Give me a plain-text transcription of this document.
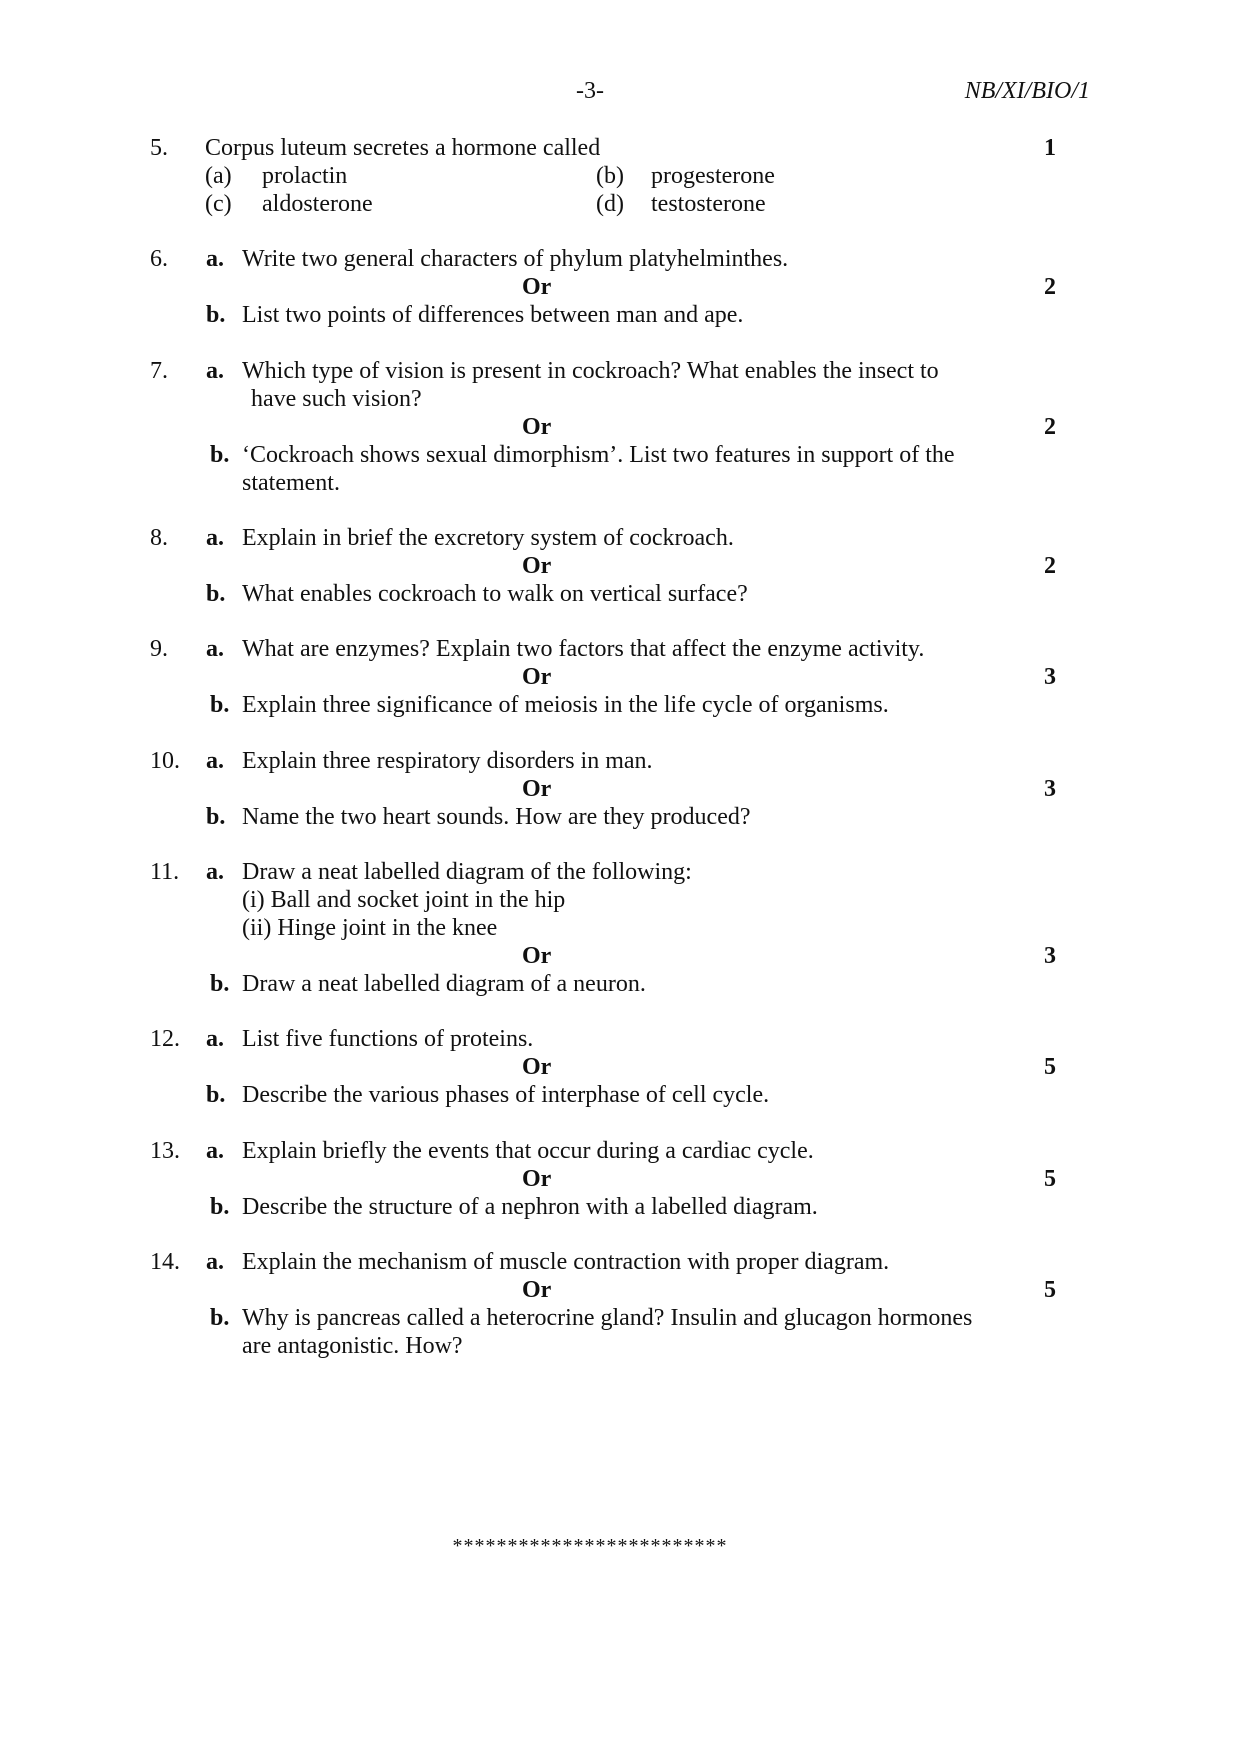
-3-	NB/XI/BIO/1
5. Corpus luteum secretes a hormone called	1
(a) prolactin	(b) progesterone
(c) aldosterone	(d) testosterone
6. a. Write two general characters of phylum platyhelminthes.
Or	2
b. List two points of differences between man and ape.
7. a. Which type of vision is present in cockroach? What enables the insect to
have such vision?
Or	2
b. ‘Cockroach shows sexual dimorphism’. List two features in support of the
statement.
8. a. Explain in brief the excretory system of cockroach.
Or	2
b. What enables cockroach to walk on vertical surface?
9. a. What are enzymes? Explain two factors that affect the enzyme activity.
Or	3
b. Explain three significance of meiosis in the life cycle of organisms.
10. a. Explain three respiratory disorders in man.
Or	3
b. Name the two heart sounds. How are they produced?
11. a. Draw a neat labelled diagram of the following:
(i) Ball and socket joint in the hip
(ii) Hinge joint in the knee
Or	3
b. Draw a neat labelled diagram of a neuron.
12. a. List five functions of proteins.
Or	5
b. Describe the various phases of interphase of cell cycle.
13. a. Explain briefly the events that occur during a cardiac cycle.
Or	5
b. Describe the structure of a nephron with a labelled diagram.
14. a. Explain the mechanism of muscle contraction with proper diagram.
Or	5
b. Why is pancreas called a heterocrine gland? Insulin and glucagon hormones
are antagonistic. How?
*************************
